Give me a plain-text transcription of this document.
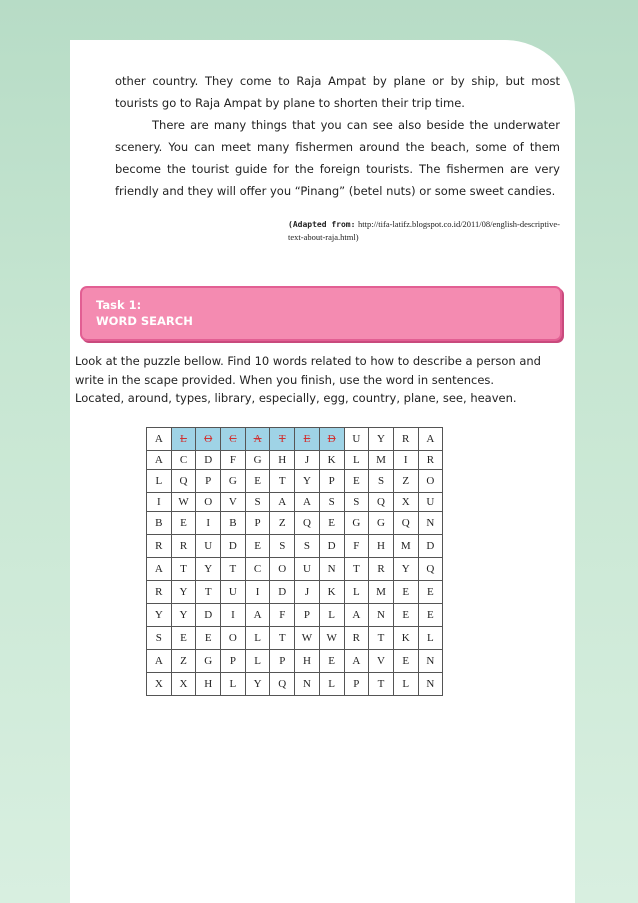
other country. They come to Raja Ampat by plane or by ship, but most tourists go to Raja Ampat by plane to shorten their trip time.

There are many things that you can see also beside the underwater scenery. You can meet many fishermen around the beach, some of them become the tourist guide for the foreign tourists. The fishermen are very friendly and they will offer you “Pinang” (betel nuts) or some sweet candies.

(Adapted from: http://tifa-latifz.blogspot.co.id/2011/08/english-descriptive-text-about-raja.html)
Task 1:
WORD SEARCH
Look at the puzzle bellow. Find 10 words related to how to describe a person and write in the scape provided. When you finish, use the word in sentences.
Located, around, types, library, especially, egg, country, plane, see, heaven.
A	L	O	C	A	T	E	D	U	Y	R	A
A	C	D	F	G	H	J	K	L	M	I	R
L	Q	P	G	E	T	Y	P	E	S	Z	O
I	W	O	V	S	A	A	S	S	Q	X	U
B	E	I	B	P	Z	Q	E	G	G	Q	N
R	R	U	D	E	S	S	D	F	H	M	D
A	T	Y	T	C	O	U	N	T	R	Y	Q
R	Y	T	U	I	D	J	K	L	M	E	E
Y	Y	D	I	A	F	P	L	A	N	E	E
S	E	E	O	L	T	W	W	R	T	K	L
A	Z	G	P	L	P	H	E	A	V	E	N
X	X	H	L	Y	Q	N	L	P	T	L	N
